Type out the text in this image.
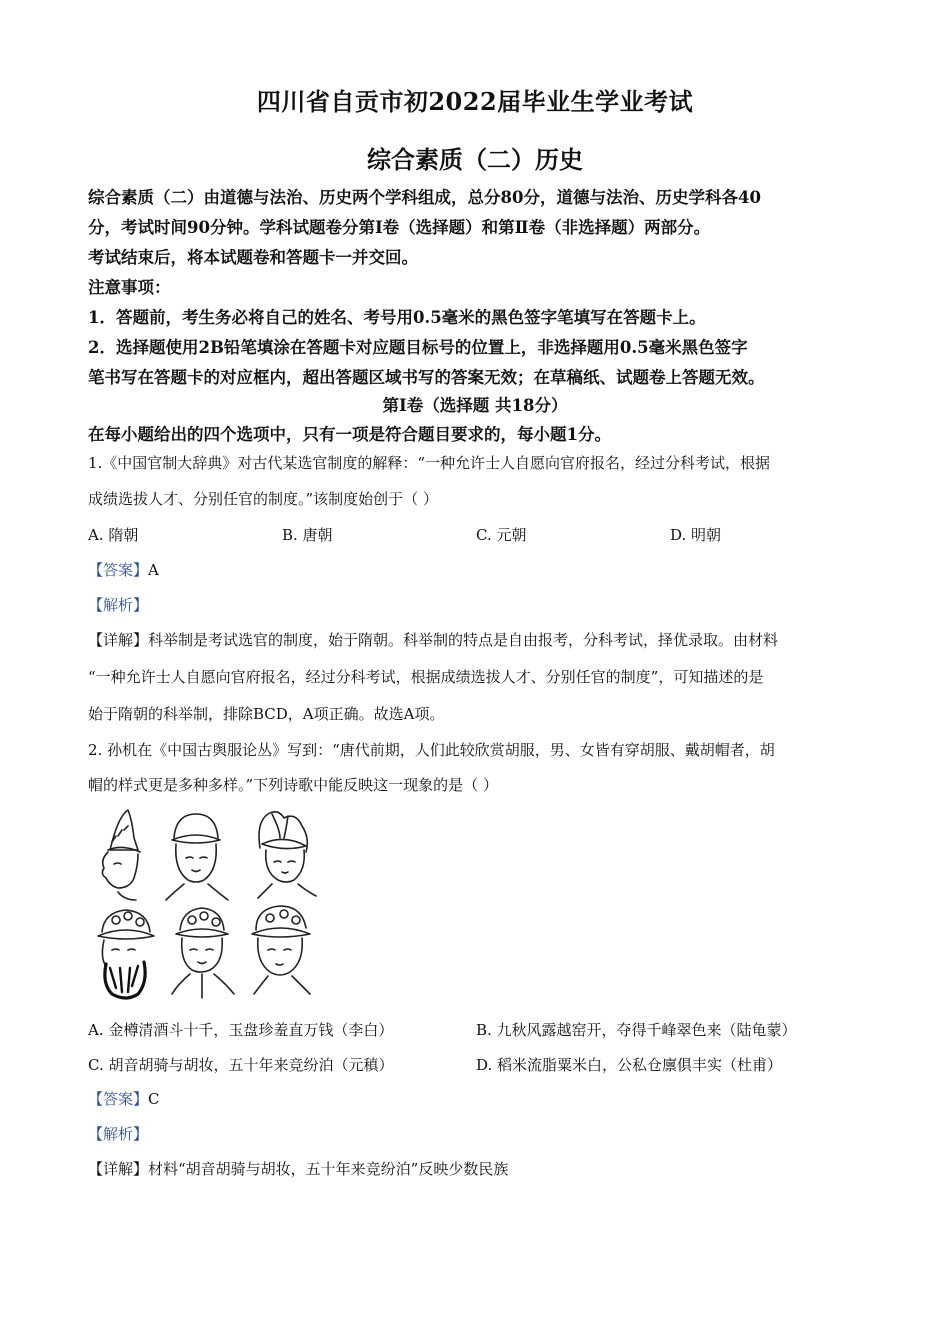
四川省自贡市初2022届毕业生学业考试
综合素质（二）历史
综合素质（二）由道德与法治、历史两个学科组成，总分80分，道德与法治、历史学科各40
分，考试时间90分钟。学科试题卷分第Ⅰ卷（选择题）和第Ⅱ卷（非选择题）两部分。
考试结束后，将本试题卷和答题卡一并交回。
注意事项：
1．答题前，考生务必将自己的姓名、考号用0.5毫米的黑色签字笔填写在答题卡上。
2．选择题使用2B铅笔填涂在答题卡对应题目标号的位置上，非选择题用0.5毫米黑色签字
笔书写在答题卡的对应框内，超出答题区域书写的答案无效；在草稿纸、试题卷上答题无效。
第Ⅰ卷（选择题 共18分）
在每小题给出的四个选项中，只有一项是符合题目要求的，每小题1分。
1.《中国官制大辞典》对古代某选官制度的解释：“一种允许士人自愿向官府报名，经过分科考试，根据
成绩选拔人才、分别任官的制度。”该制度始创于（ ）
A. 隋朝	B. 唐朝	C. 元朝	D. 明朝
【答案】A
【解析】
【详解】科举制是考试选官的制度，始于隋朝。科举制的特点是自由报考，分科考试，择优录取。由材料
“一种允许士人自愿向官府报名，经过分科考试，根据成绩选拔人才、分别任官的制度”，可知描述的是
始于隋朝的科举制，排除BCD，A项正确。故选A项。
2. 孙机在《中国古舆服论丛》写到：“唐代前期，人们此较欣赏胡服，男、女皆有穿胡服、戴胡帽者，胡
帽的样式更是多种多样。”下列诗歌中能反映这一现象的是（ ）
A. 金樽清酒斗十千，玉盘珍羞直万钱（李白）	B. 九秋风露越窑开，夺得千峰翠色来（陆龟蒙）
C. 胡音胡骑与胡妆，五十年来竞纷泊（元稹）	D. 稻米流脂粟米白，公私仓廪俱丰实（杜甫）
【答案】C
【解析】
【详解】材料“胡音胡骑与胡妆，五十年来竞纷泊”反映少数民族
